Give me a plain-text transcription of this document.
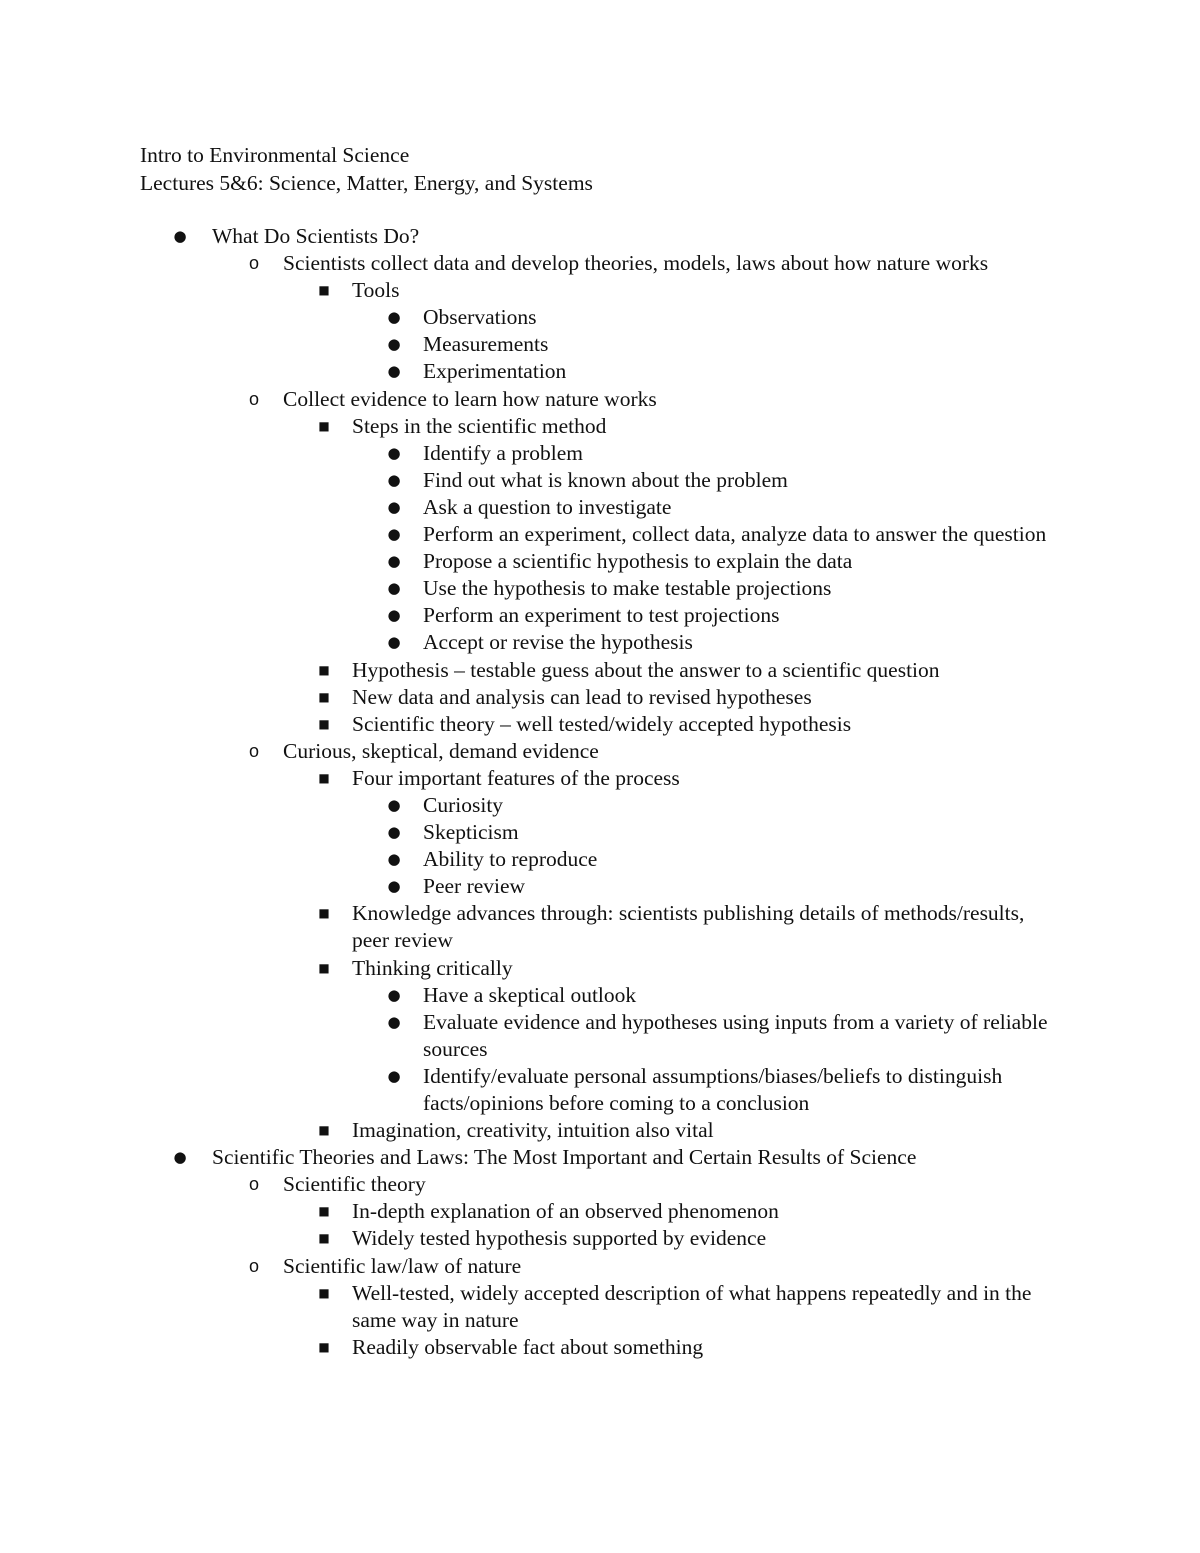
Intro to Environmental Science
Lectures 5&6: Science, Matter, Energy, and Systems
● What Do Scientists Do?
o Scientists collect data and develop theories, models, laws about how nature works
■ Tools
● Observations
● Measurements
● Experimentation
o Collect evidence to learn how nature works
■ Steps in the scientific method
● Identify a problem
● Find out what is known about the problem
● Ask a question to investigate
● Perform an experiment, collect data, analyze data to answer the question
● Propose a scientific hypothesis to explain the data
● Use the hypothesis to make testable projections
● Perform an experiment to test projections
● Accept or revise the hypothesis
■ Hypothesis – testable guess about the answer to a scientific question
■ New data and analysis can lead to revised hypotheses
■ Scientific theory – well tested/widely accepted hypothesis
o Curious, skeptical, demand evidence
■ Four important features of the process
● Curiosity
● Skepticism
● Ability to reproduce
● Peer review
■ Knowledge advances through: scientists publishing details of methods/results, peer review
■ Thinking critically
● Have a skeptical outlook
● Evaluate evidence and hypotheses using inputs from a variety of reliable sources
● Identify/evaluate personal assumptions/biases/beliefs to distinguish facts/opinions before coming to a conclusion
■ Imagination, creativity, intuition also vital
● Scientific Theories and Laws: The Most Important and Certain Results of Science
o Scientific theory
■ In-depth explanation of an observed phenomenon
■ Widely tested hypothesis supported by evidence
o Scientific law/law of nature
■ Well-tested, widely accepted description of what happens repeatedly and in the same way in nature
■ Readily observable fact about something
